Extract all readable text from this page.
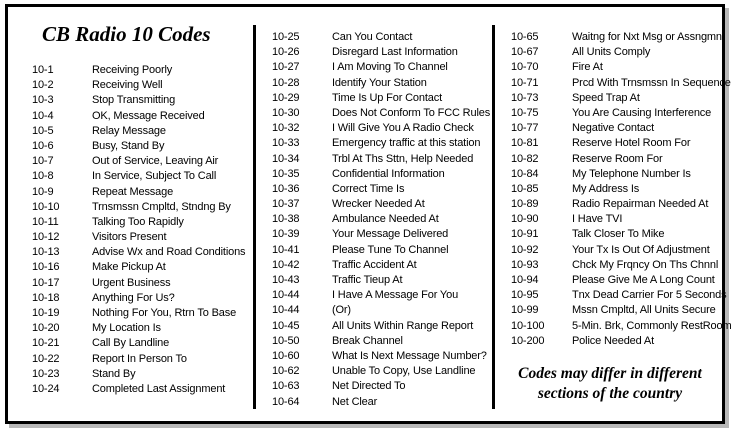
CB Radio 10 Codes
10-1	Receiving Poorly
10-2	Receiving Well
10-3	Stop Transmitting
10-4	OK, Message Received
10-5	Relay Message
10-6	Busy, Stand By
10-7	Out of Service, Leaving Air
10-8	In Service, Subject To Call
10-9	Repeat Message
10-10	Trnsmssn Cmpltd, Stndng By
10-11	Talking Too Rapidly
10-12	Visitors Present
10-13	Advise Wx and Road Conditions
10-16	Make Pickup At
10-17	Urgent Business
10-18	Anything For Us?
10-19	Nothing For You, Rtrn To Base
10-20	My Location Is
10-21	Call By Landline
10-22	Report In Person To
10-23	Stand By
10-24	Completed Last Assignment
10-25	Can You Contact
10-26	Disregard Last Information
10-27	I Am Moving To Channel
10-28	Identify Your Station
10-29	Time Is Up For Contact
10-30	Does Not Conform To FCC Rules
10-32	I Will Give You A Radio Check
10-33	Emergency traffic at this station
10-34	Trbl At Ths Sttn, Help Needed
10-35	Confidential Information
10-36	Correct Time Is
10-37	Wrecker Needed At
10-38	Ambulance Needed At
10-39	Your Message Delivered
10-41	Please Tune To Channel
10-42	Traffic Accident At
10-43	Traffic Tieup At
10-44	I Have A Message For You
10-44	(Or)
10-45	All Units Within Range Report
10-50	Break Channel
10-60	What Is Next Message Number?
10-62	Unable To Copy, Use Landline
10-63	Net Directed To
10-64	Net Clear
10-65	Waitng for Nxt Msg or Assngmnt
10-67	All Units Comply
10-70	Fire At
10-71	Prcd With Trnsmssn In Sequence
10-73	Speed Trap At
10-75	You Are Causing Interference
10-77	Negative Contact
10-81	Reserve Hotel Room For
10-82	Reserve Room For
10-84	My Telephone Number Is
10-85	My Address Is
10-89	Radio Repairman Needed At
10-90	I Have TVI
10-91	Talk Closer To Mike
10-92	Your Tx Is Out Of Adjustment
10-93	Chck My Frqncy On Ths Chnnl
10-94	Please Give Me A Long Count
10-95	Tnx Dead Carrier For 5 Seconds
10-99	Mssn Cmpltd, All Units Secure
10-100	5-Min. Brk, Commonly RestRoom
10-200	Police Needed At

Codes may differ in different
sections of the country
